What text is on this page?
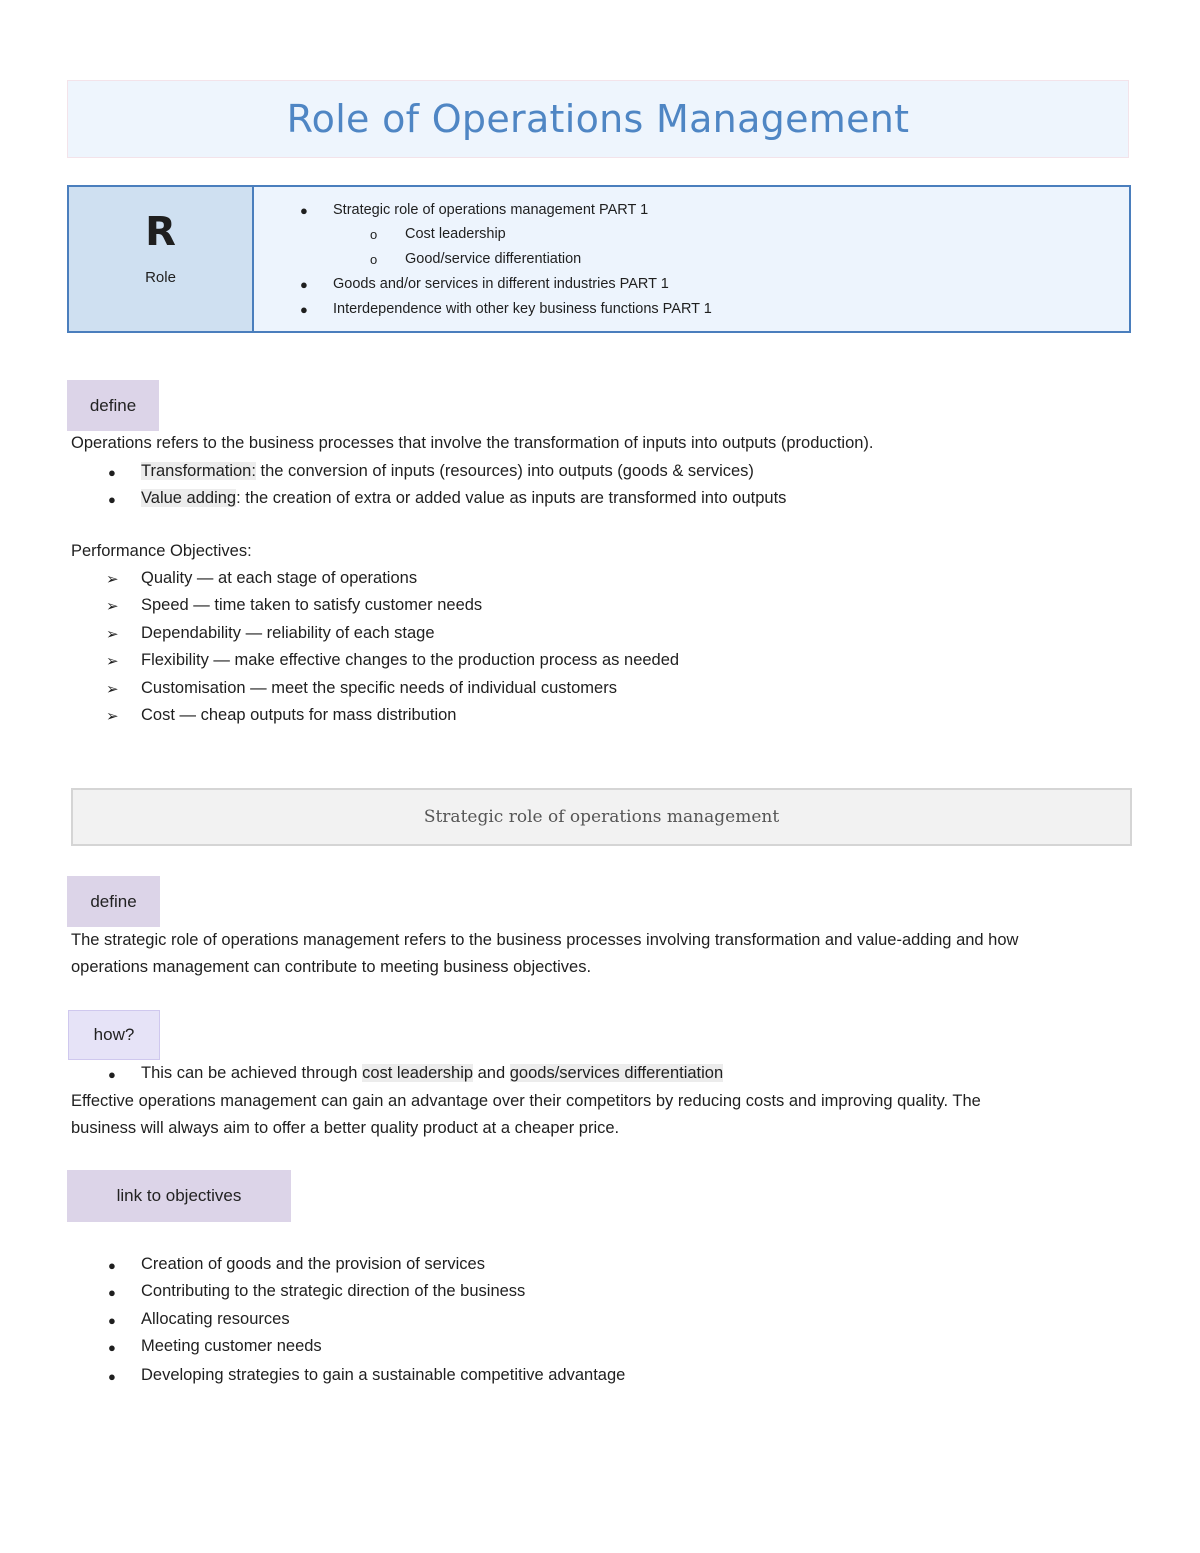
Role of Operations Management
R
Role
● Strategic role of operations management PART 1
o Cost leadership
o Good/service differentiation
● Goods and/or services in different industries PART 1
● Interdependence with other key business functions PART 1
define
Operations refers to the business processes that involve the transformation of inputs into outputs (production).
● Transformation: the conversion of inputs (resources) into outputs (goods & services)
● Value adding: the creation of extra or added value as inputs are transformed into outputs
Performance Objectives:
➢ Quality — at each stage of operations
➢ Speed — time taken to satisfy customer needs
➢ Dependability — reliability of each stage
➢ Flexibility — make effective changes to the production process as needed
➢ Customisation — meet the specific needs of individual customers
➢ Cost — cheap outputs for mass distribution
Strategic role of operations management
define
The strategic role of operations management refers to the business processes involving transformation and value-adding and how
operations management can contribute to meeting business objectives.
how?
● This can be achieved through cost leadership and goods/services differentiation
Effective operations management can gain an advantage over their competitors by reducing costs and improving quality. The
business will always aim to offer a better quality product at a cheaper price.
link to objectives
● Creation of goods and the provision of services
● Contributing to the strategic direction of the business
● Allocating resources
● Meeting customer needs
● Developing strategies to gain a sustainable competitive advantage
